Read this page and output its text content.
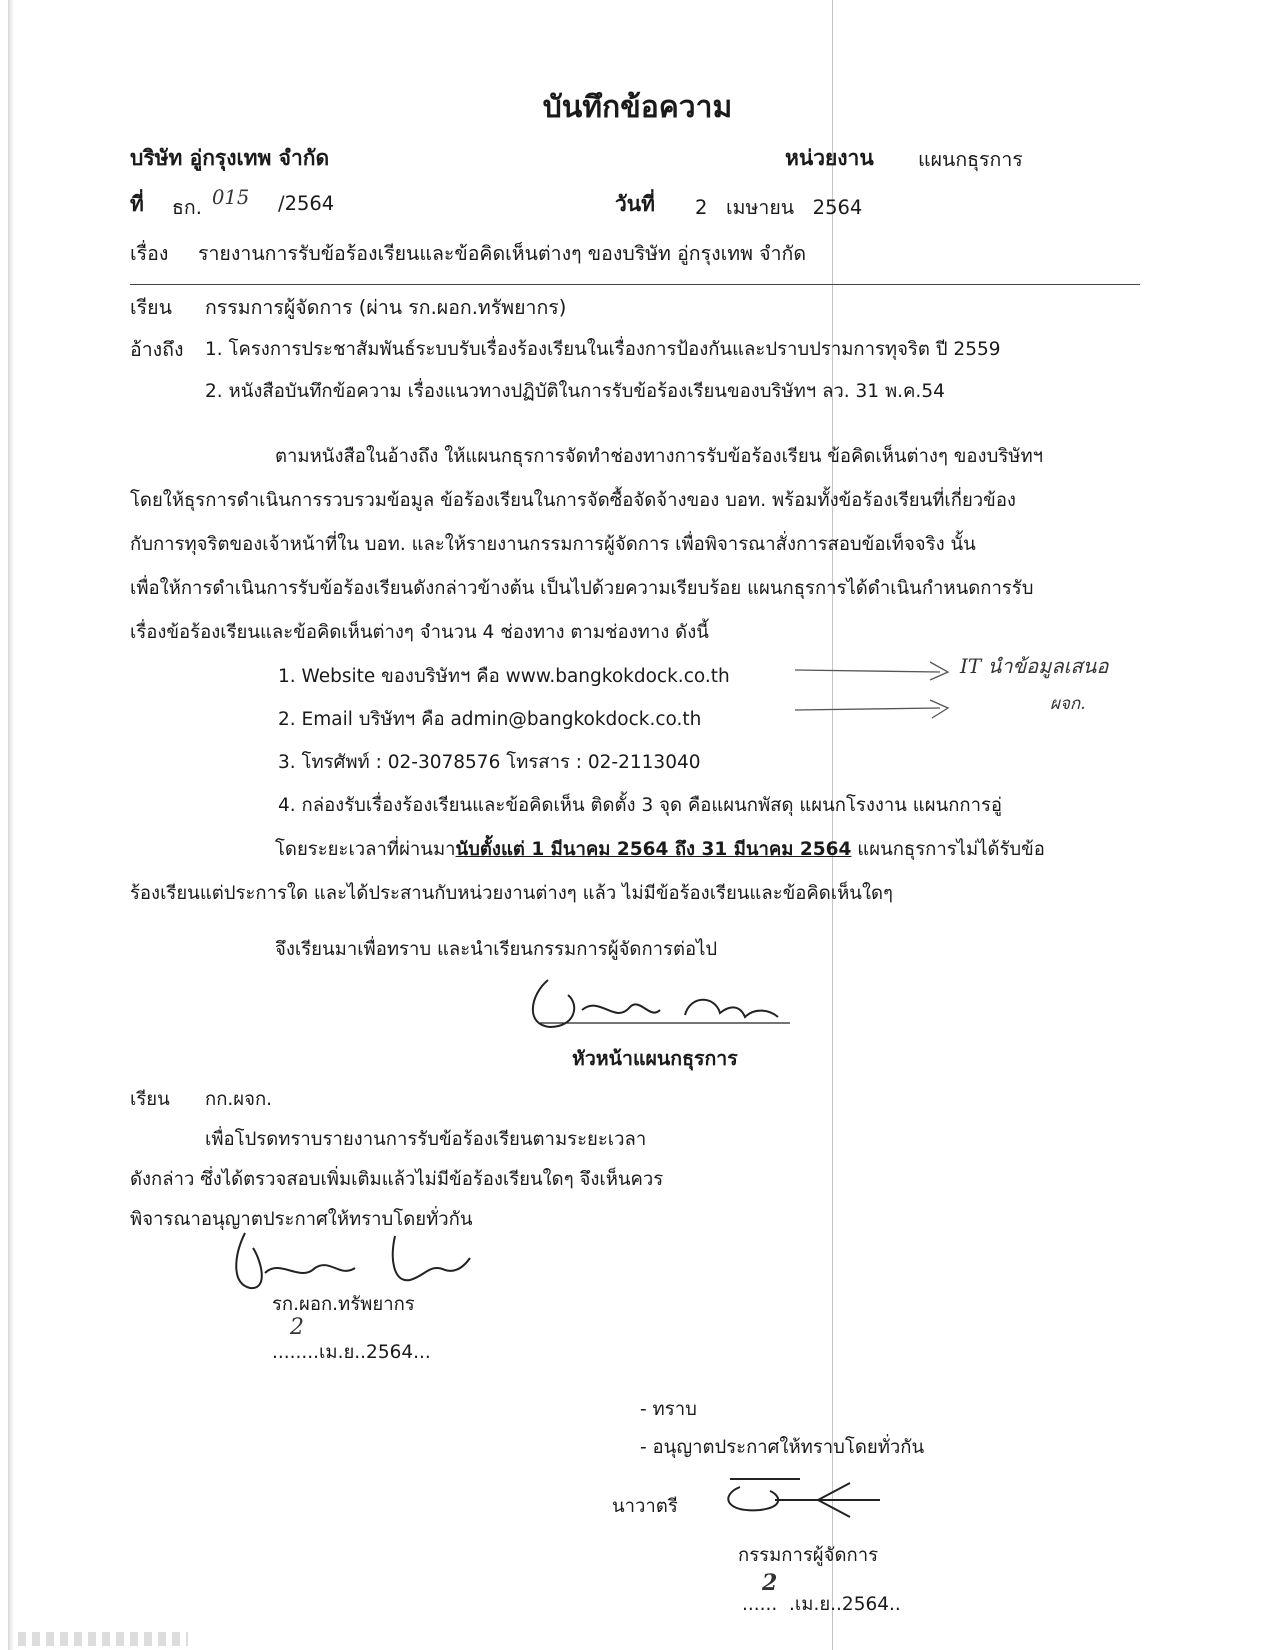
บันทึกข้อความ
บริษัท อู่กรุงเทพ จำกัด	หน่วยงาน แผนกธุรการ
ที่ ธก. 015 /2564	วันที่ 2   เมษายน   2564
เรื่อง รายงานการรับข้อร้องเรียนและข้อคิดเห็นต่างๆ ของบริษัท อู่กรุงเทพ จำกัด
เรียน กรรมการผู้จัดการ (ผ่าน รก.ผอก.ทรัพยากร)
อ้างถึง 1. โครงการประชาสัมพันธ์ระบบรับเรื่องร้องเรียนในเรื่องการป้องกันและปราบปรามการทุจริต ปี 2559
2. หนังสือบันทึกข้อความ เรื่องแนวทางปฏิบัติในการรับข้อร้องเรียนของบริษัทฯ ลว. 31 พ.ค.54
ตามหนังสือในอ้างถึง ให้แผนกธุรการจัดทำช่องทางการรับข้อร้องเรียน ข้อคิดเห็นต่างๆ ของบริษัทฯ
โดยให้ธุรการดำเนินการรวบรวมข้อมูล ข้อร้องเรียนในการจัดซื้อจัดจ้างของ บอท. พร้อมทั้งข้อร้องเรียนที่เกี่ยวข้อง
กับการทุจริตของเจ้าหน้าที่ใน บอท. และให้รายงานกรรมการผู้จัดการ เพื่อพิจารณาสั่งการสอบข้อเท็จจริง นั้น
เพื่อให้การดำเนินการรับข้อร้องเรียนดังกล่าวข้างต้น เป็นไปด้วยความเรียบร้อย แผนกธุรการได้ดำเนินกำหนดการรับ
เรื่องข้อร้องเรียนและข้อคิดเห็นต่างๆ จำนวน 4 ช่องทาง ตามช่องทาง ดังนี้
1. Website ของบริษัทฯ คือ www.bangkokdock.co.th
2. Email บริษัทฯ คือ admin@bangkokdock.co.th
3. โทรศัพท์ : 02-3078576 โทรสาร : 02-2113040
4. กล่องรับเรื่องร้องเรียนและข้อคิดเห็น ติดตั้ง 3 จุด คือแผนกพัสดุ แผนกโรงงาน แผนกการอู่
IT นำข้อมูลเสนอ
ผจก.
โดยระยะเวลาที่ผ่านมานับตั้งแต่ 1 มีนาคม 2564 ถึง 31 มีนาคม 2564 แผนกธุรการไม่ได้รับข้อ
ร้องเรียนแต่ประการใด และได้ประสานกับหน่วยงานต่างๆ แล้ว ไม่มีข้อร้องเรียนและข้อคิดเห็นใดๆ
จึงเรียนมาเพื่อทราบ และนำเรียนกรรมการผู้จัดการต่อไป
หัวหน้าแผนกธุรการ
เรียน กก.ผจก.
เพื่อโปรดทราบรายงานการรับข้อร้องเรียนตามระยะเวลา
ดังกล่าว ซึ่งได้ตรวจสอบเพิ่มเติมแล้วไม่มีข้อร้องเรียนใดๆ จึงเห็นควร
พิจารณาอนุญาตประกาศให้ทราบโดยทั่วกัน
รก.ผอก.ทรัพยากร
2
........เม.ย..2564...
- ทราบ
- อนุญาตประกาศให้ทราบโดยทั่วกัน
นาวาตรี
กรรมการผู้จัดการ
2
......  .เม.ย..2564..
